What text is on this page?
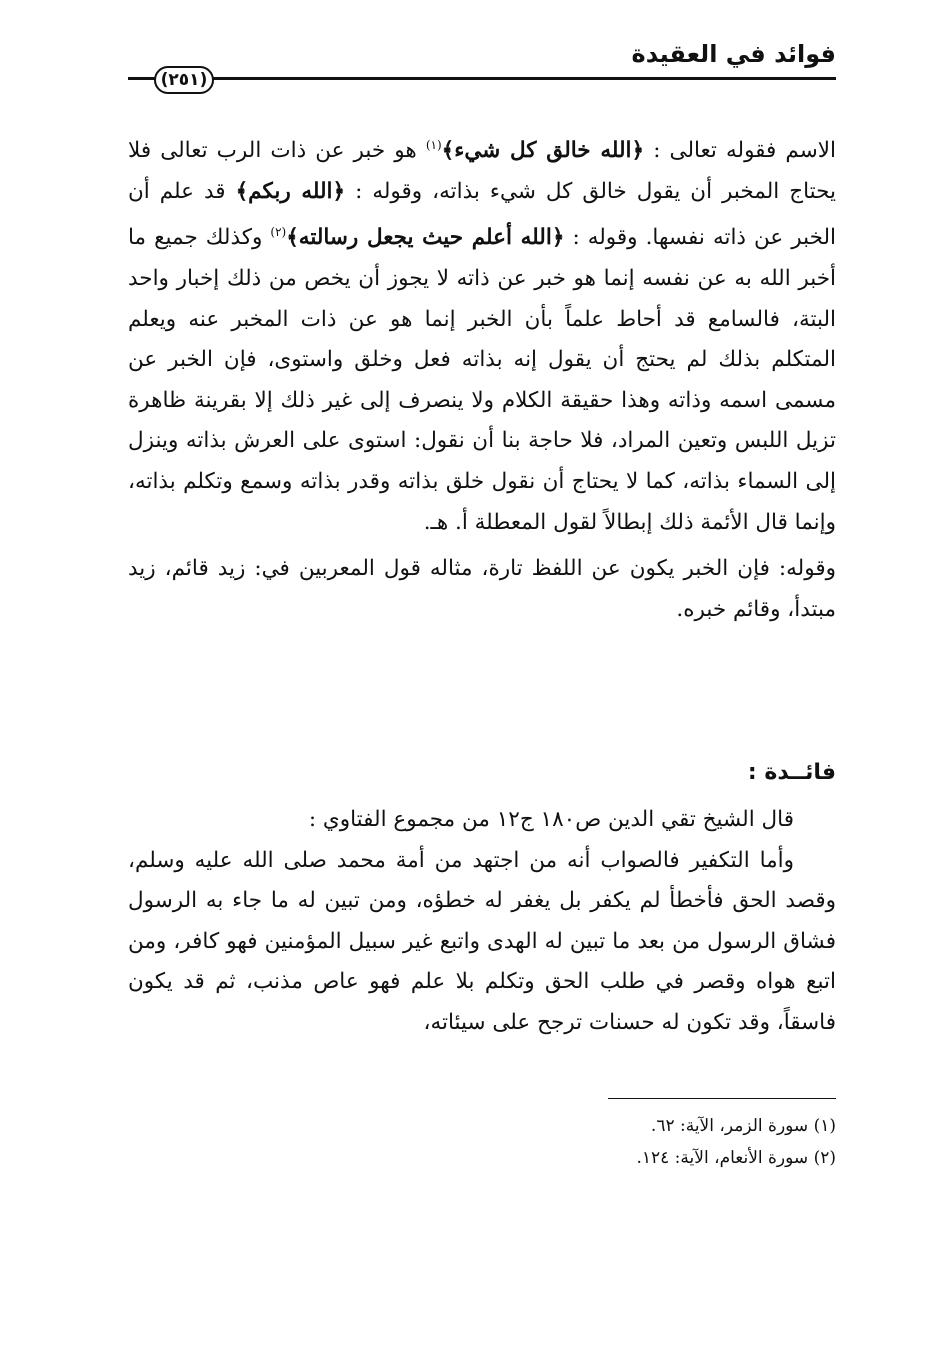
فوائد في العقيدة
(٢٥١)

الاسم فقوله تعالى : ﴿الله خالق كل شيء﴾$^{(١)}$ هو خبر عن ذات الرب تعالى فلا يحتاج المخبر أن يقول خالق كل شيء بذاته، وقوله : ﴿الله ربكم﴾ قد علم أن الخبر عن ذاته نفسها. وقوله : ﴿الله أعلم حيث يجعل رسالته﴾$^{(٢)}$ وكذلك جميع ما أخبر الله به عن نفسه إنما هو خبر عن ذاته لا يجوز أن يخص من ذلك إخبار واحد البتة، فالسامع قد أحاط علماً بأن الخبر إنما هو عن ذات المخبر عنه ويعلم المتكلم بذلك لم يحتج أن يقول إنه بذاته فعل وخلق واستوى، فإن الخبر عن مسمى اسمه وذاته وهذا حقيقة الكلام ولا ينصرف إلى غير ذلك إلا بقرينة ظاهرة تزيل اللبس وتعين المراد، فلا حاجة بنا أن نقول: استوى على العرش بذاته وينزل إلى السماء بذاته، كما لا يحتاج أن نقول خلق بذاته وقدر بذاته وسمع وتكلم بذاته، وإنما قال الأئمة ذلك إبطالاً لقول المعطلة أ. هـ.

وقوله: فإن الخبر يكون عن اللفظ تارة، مثاله قول المعربين في: زيد قائم، زيد مبتدأ، وقائم خبره.

فائــدة :

قال الشيخ تقي الدين ص١٨٠ ج١٢ من مجموع الفتاوي :

وأما التكفير فالصواب أنه من اجتهد من أمة محمد صلى الله عليه وسلم، وقصد الحق فأخطأ لم يكفر بل يغفر له خطؤه، ومن تبين له ما جاء به الرسول فشاق الرسول من بعد ما تبين له الهدى واتبع غير سبيل المؤمنين فهو كافر، ومن اتبع هواه وقصر في طلب الحق وتكلم بلا علم فهو عاص مذنب، ثم قد يكون فاسقاً، وقد تكون له حسنات ترجح على سيئاته،

(١) سورة الزمر، الآية: ٦٢.

(٢) سورة الأنعام، الآية: ١٢٤.
